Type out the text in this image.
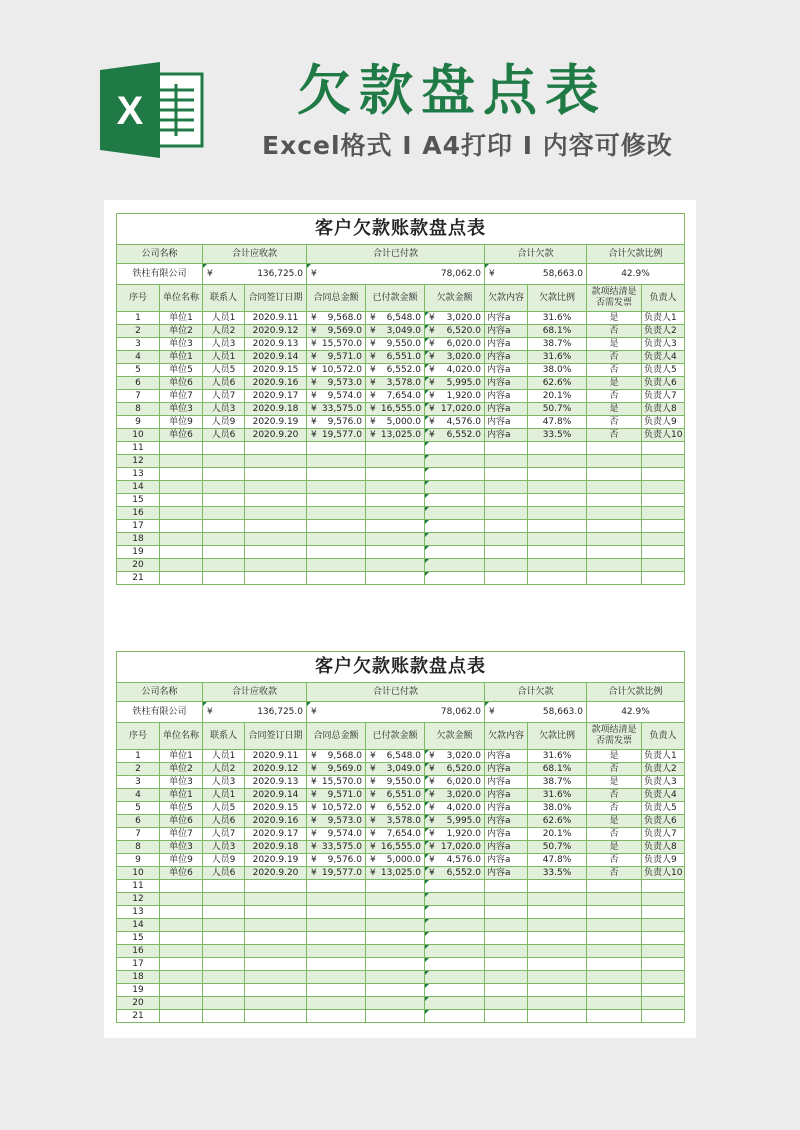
X	欠款盘点表
Excel格式 I A4打印 I 内容可修改
客户欠款账款盘点表										
公司名称		合计应收款		合计已付款			合计欠款		合计欠款比例	
铁柱有限公司		¥ 136,725.0		¥ 78,062.0			¥ 58,663.0		42.9%	
序号	单位名称	联系人	合同签订日期	合同总金额	已付款金额	欠款金额	欠款内容	欠款比例	款项结清是否需发票	负责人
1	单位1	人员1	2020.9.11	¥ 9,568.0	¥ 6,548.0	¥ 3,020.0	内容a	31.6%	是	负责人1
2	单位2	人员2	2020.9.12	¥ 9,569.0	¥ 3,049.0	¥ 6,520.0	内容a	68.1%	否	负责人2
3	单位3	人员3	2020.9.13	¥ 15,570.0	¥ 9,550.0	¥ 6,020.0	内容a	38.7%	是	负责人3
4	单位1	人员1	2020.9.14	¥ 9,571.0	¥ 6,551.0	¥ 3,020.0	内容a	31.6%	否	负责人4
5	单位5	人员5	2020.9.15	¥ 10,572.0	¥ 6,552.0	¥ 4,020.0	内容a	38.0%	否	负责人5
6	单位6	人员6	2020.9.16	¥ 9,573.0	¥ 3,578.0	¥ 5,995.0	内容a	62.6%	是	负责人6
7	单位7	人员7	2020.9.17	¥ 9,574.0	¥ 7,654.0	¥ 1,920.0	内容a	20.1%	否	负责人7
8	单位3	人员3	2020.9.18	¥ 33,575.0	¥ 16,555.0	¥ 17,020.0	内容a	50.7%	是	负责人8
9	单位9	人员9	2020.9.19	¥ 9,576.0	¥ 5,000.0	¥ 4,576.0	内容a	47.8%	否	负责人9
10	单位6	人员6	2020.9.20	¥ 19,577.0	¥ 13,025.0	¥ 6,552.0	内容a	33.5%	否	负责人10
11										
12										
13										
14										
15										
16										
17										
18										
19										
20										
21										
客户欠款账款盘点表										
公司名称		合计应收款		合计已付款			合计欠款		合计欠款比例	
铁柱有限公司		¥ 136,725.0		¥ 78,062.0			¥ 58,663.0		42.9%	
序号	单位名称	联系人	合同签订日期	合同总金额	已付款金额	欠款金额	欠款内容	欠款比例	款项结清是否需发票	负责人
1	单位1	人员1	2020.9.11	¥ 9,568.0	¥ 6,548.0	¥ 3,020.0	内容a	31.6%	是	负责人1
2	单位2	人员2	2020.9.12	¥ 9,569.0	¥ 3,049.0	¥ 6,520.0	内容a	68.1%	否	负责人2
3	单位3	人员3	2020.9.13	¥ 15,570.0	¥ 9,550.0	¥ 6,020.0	内容a	38.7%	是	负责人3
4	单位1	人员1	2020.9.14	¥ 9,571.0	¥ 6,551.0	¥ 3,020.0	内容a	31.6%	否	负责人4
5	单位5	人员5	2020.9.15	¥ 10,572.0	¥ 6,552.0	¥ 4,020.0	内容a	38.0%	否	负责人5
6	单位6	人员6	2020.9.16	¥ 9,573.0	¥ 3,578.0	¥ 5,995.0	内容a	62.6%	是	负责人6
7	单位7	人员7	2020.9.17	¥ 9,574.0	¥ 7,654.0	¥ 1,920.0	内容a	20.1%	否	负责人7
8	单位3	人员3	2020.9.18	¥ 33,575.0	¥ 16,555.0	¥ 17,020.0	内容a	50.7%	是	负责人8
9	单位9	人员9	2020.9.19	¥ 9,576.0	¥ 5,000.0	¥ 4,576.0	内容a	47.8%	否	负责人9
10	单位6	人员6	2020.9.20	¥ 19,577.0	¥ 13,025.0	¥ 6,552.0	内容a	33.5%	否	负责人10
11										
12										
13										
14										
15										
16										
17										
18										
19										
20										
21										
